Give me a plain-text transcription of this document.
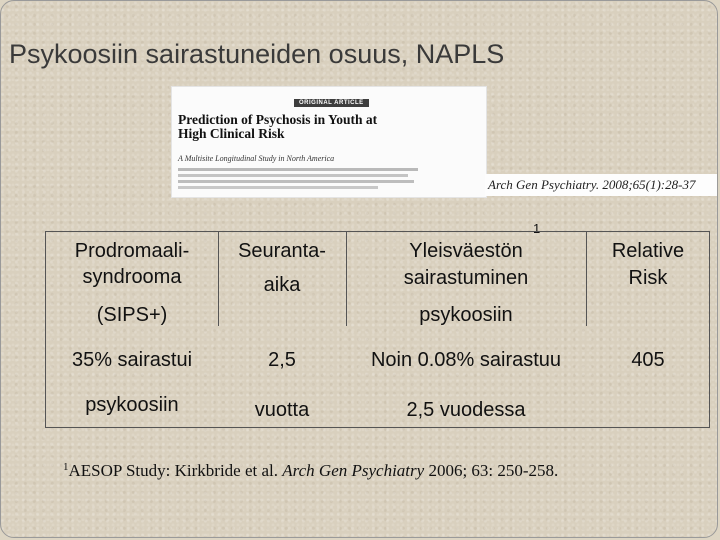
Psykoosiin sairastuneiden osuus, NAPLS
ORIGINAL ARTICLE
Prediction of Psychosis in Youth at High Clinical Risk
A Multisite Longitudinal Study in North America
Arch Gen Psychiatry. 2008;65(1):28-37
1
Prodromaali-
syndrooma
(SIPS+)
Seuranta-
aika
Yleisväestön
sairastuminen
psykoosiin
Relative
Risk
35% sairastui
psykoosiin
2,5
vuotta
Noin 0.08% sairastuu
2,5 vuodessa
405
$^1$AESOP Study: Kirkbride et al. Arch Gen Psychiatry 2006; 63: 250-258.
